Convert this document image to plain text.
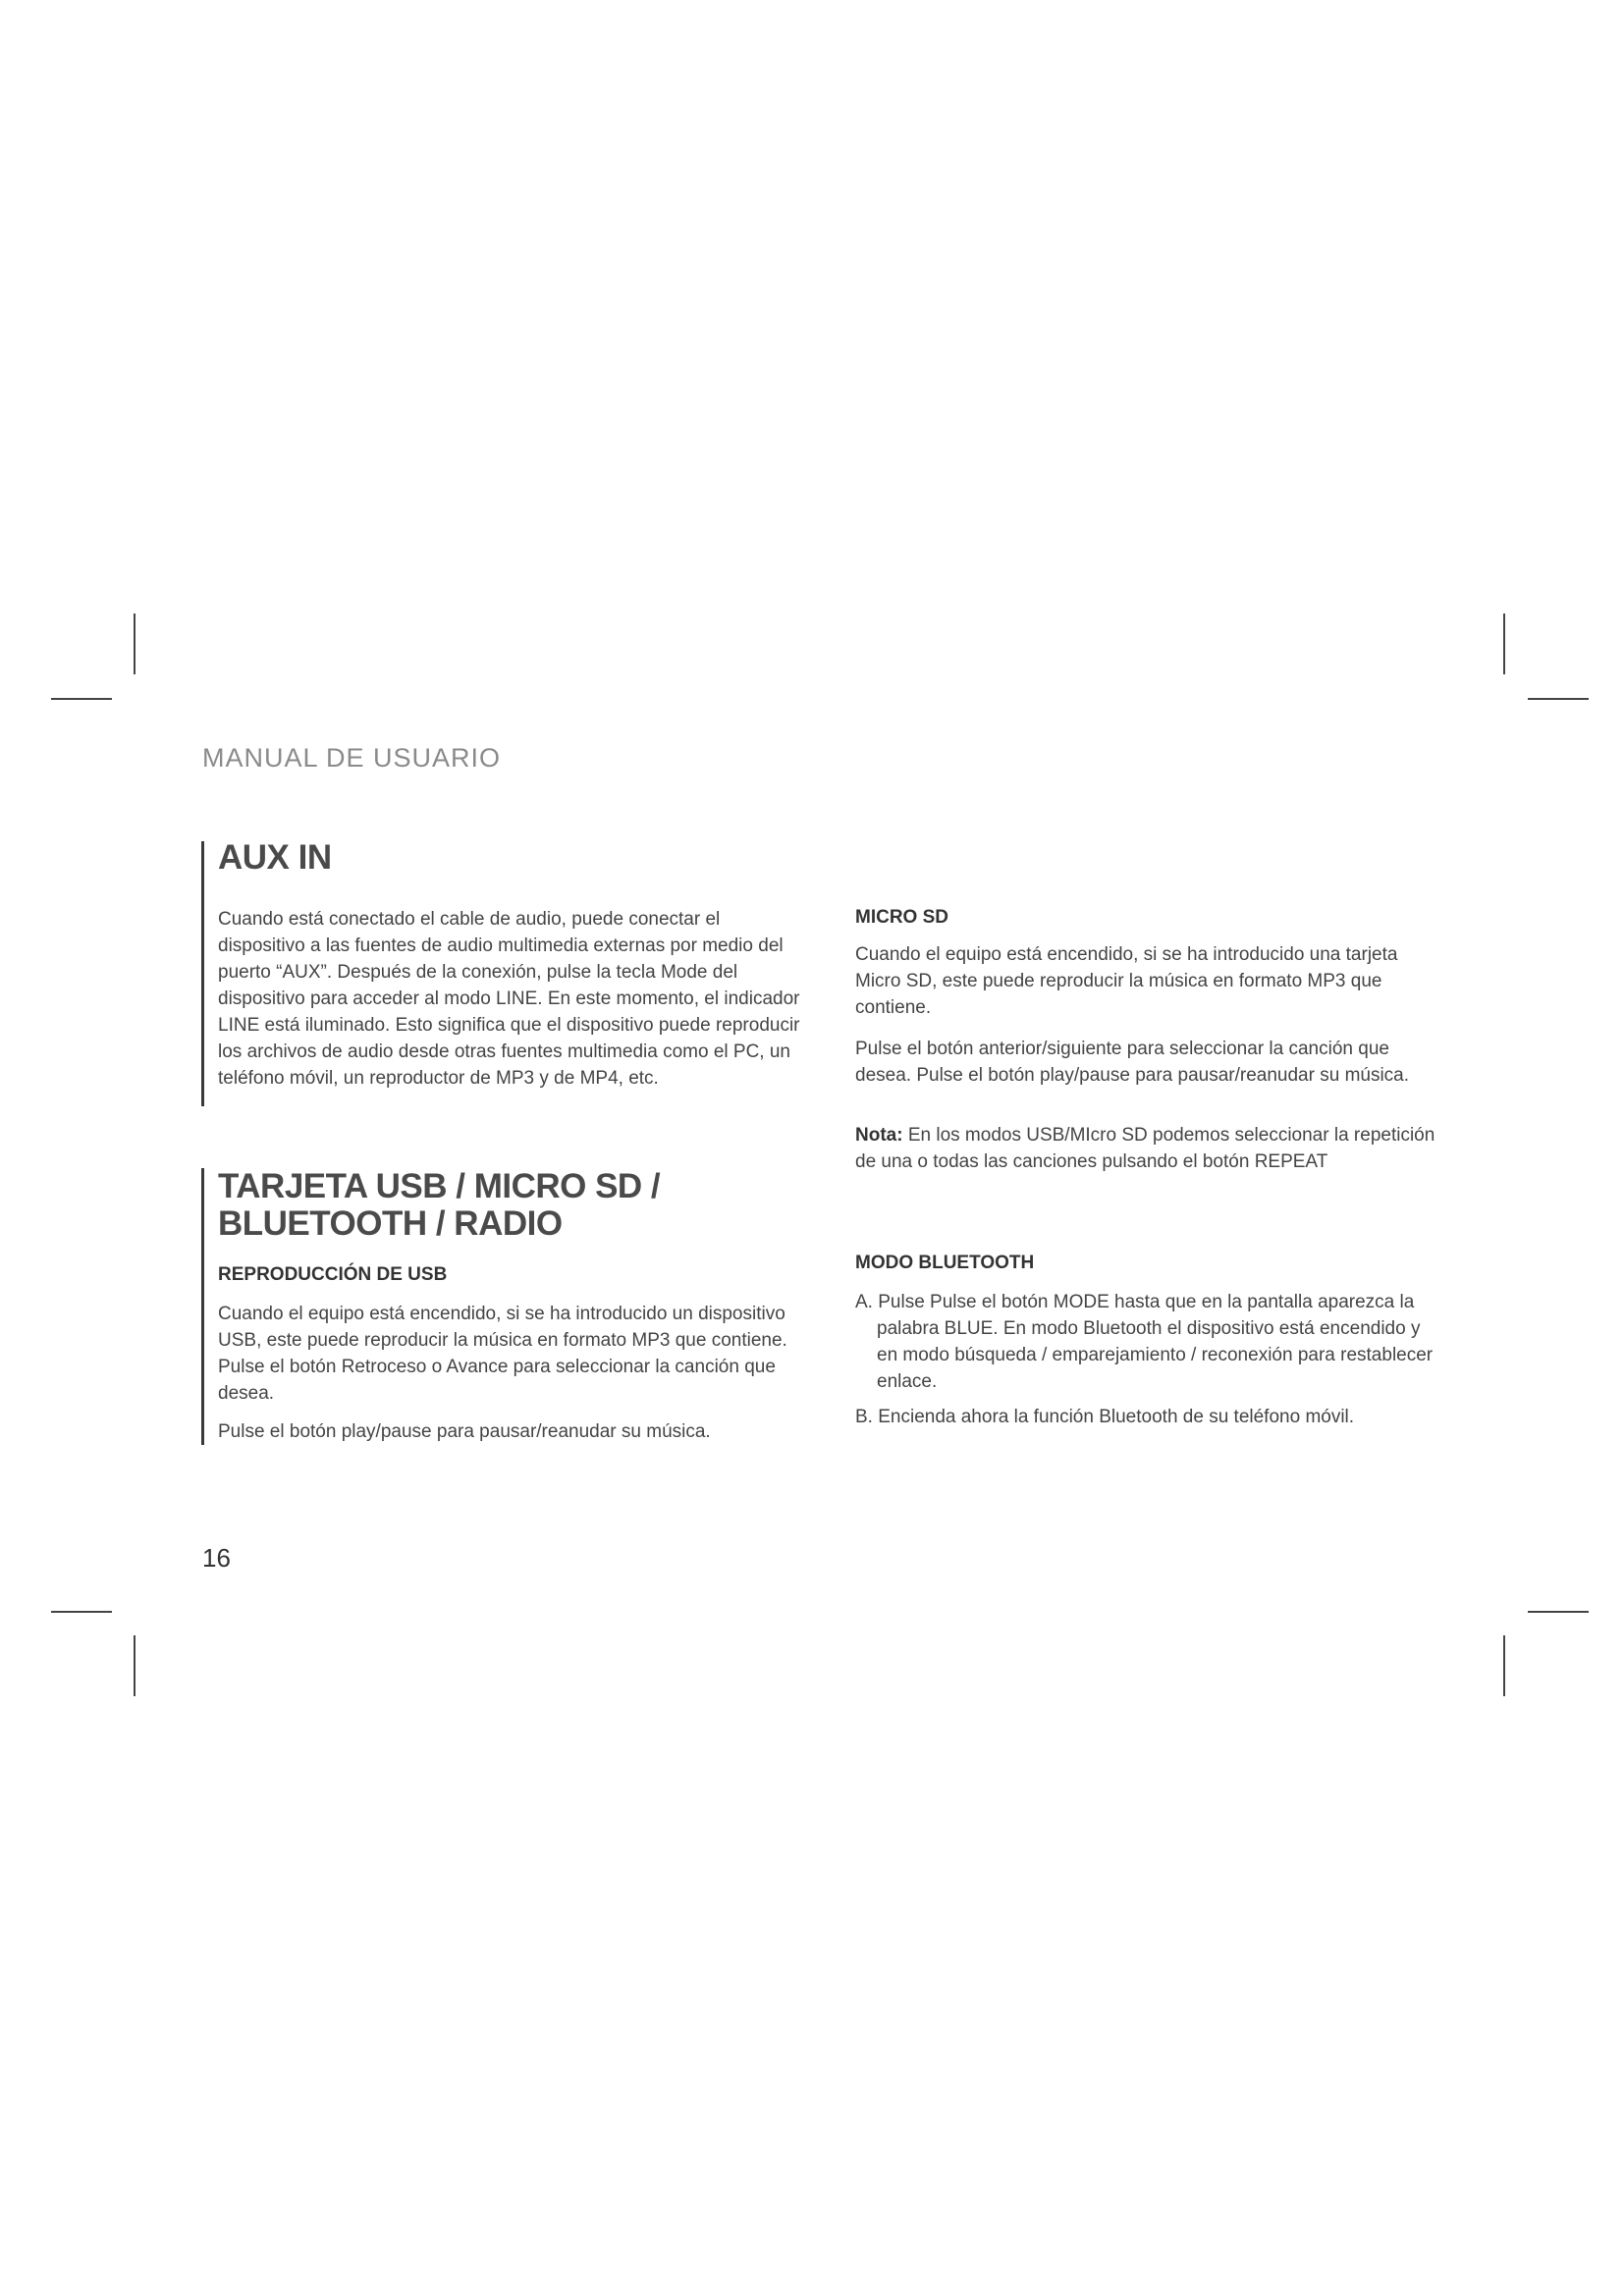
MANUAL DE USUARIO
AUX IN

Cuando está conectado el cable de audio, puede conectar el dispositivo a las fuentes de audio multimedia externas por medio del puerto “AUX”. Después de la conexión, pulse la tecla Mode del dispositivo para acceder al modo LINE. En este momento, el indicador LINE está iluminado. Esto significa que el dispositivo puede reproducir los archivos de audio desde otras fuentes multimedia como el PC, un teléfono móvil, un reproductor de MP3 y de MP4, etc.

TARJETA USB / MICRO SD /
BLUETOOTH / RADIO
REPRODUCCIÓN DE USB

Cuando el equipo está encendido, si se ha introducido un dispositivo USB, este puede reproducir la música en formato MP3 que contiene. Pulse el botón Retroceso o Avance para seleccionar la canción que desea.

Pulse el botón play/pause para pausar/reanudar su música.

MICRO SD

Cuando el equipo está encendido, si se ha introducido una tarjeta Micro SD, este puede reproducir la música en formato MP3 que contiene.

Pulse el botón anterior/siguiente para seleccionar la canción que desea. Pulse el botón play/pause para pausar/reanudar su música.

Nota: En los modos USB/MIcro SD podemos seleccionar la repetición de una o todas las canciones pulsando el botón REPEAT

MODO BLUETOOTH
A. Pulse Pulse el botón MODE hasta que en la pantalla aparezca la palabra BLUE. En modo Bluetooth el dispositivo está encendido y en modo búsqueda / emparejamiento / reconexión para restablecer enlace.
B. Encienda ahora la función Bluetooth de su teléfono móvil.
16
